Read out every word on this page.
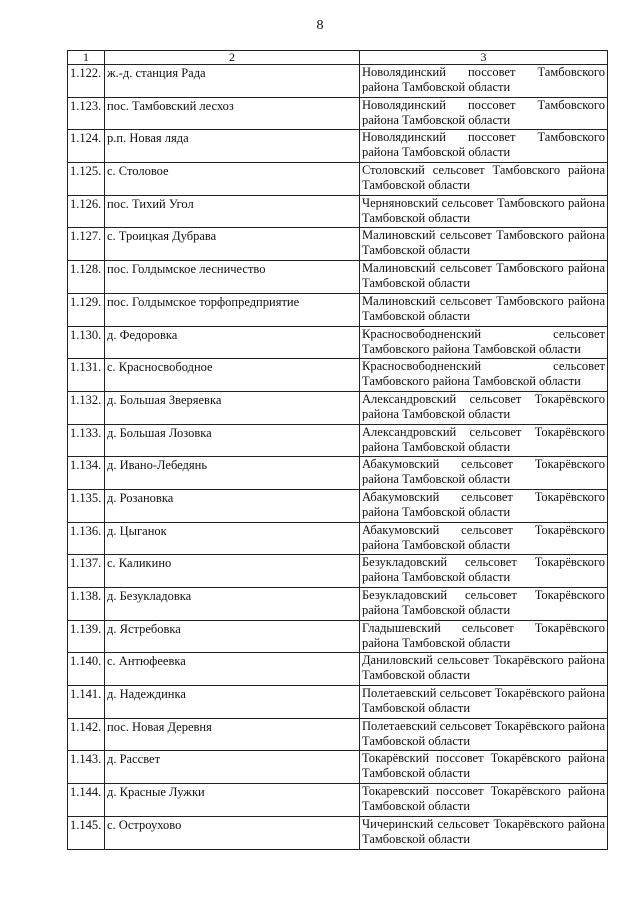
8
1	2	3
1.122.	ж.-д. станция Рада	Новолядинский поссовет Тамбовского района Тамбовской области
1.123.	пос. Тамбовский лесхоз	Новолядинский поссовет Тамбовского района Тамбовской области
1.124.	р.п. Новая ляда	Новолядинский поссовет Тамбовского района Тамбовской области
1.125.	с. Столовое	Столовский сельсовет Тамбовского района Тамбовской области
1.126.	пос. Тихий Угол	Черняновский сельсовет Тамбовского района Тамбовской области
1.127.	с. Троицкая Дубрава	Малиновский сельсовет Тамбовского района Тамбовской области
1.128.	пос. Голдымское лесничество	Малиновский сельсовет Тамбовского района Тамбовской области
1.129.	пос. Голдымское торфопредприятие	Малиновский сельсовет Тамбовского района Тамбовской области
1.130.	д. Федоровка	Красносвободненский сельсовет Тамбовского района Тамбовской области
1.131.	с. Красносвободное	Красносвободненский сельсовет Тамбовского района Тамбовской области
1.132.	д. Большая Зверяевка	Александровский сельсовет Токарёвского района Тамбовской области
1.133.	д. Большая Лозовка	Александровский сельсовет Токарёвского района Тамбовской области
1.134.	д. Ивано-Лебедянь	Абакумовский сельсовет Токарёвского района Тамбовской области
1.135.	д. Розановка	Абакумовский сельсовет Токарёвского района Тамбовской области
1.136.	д. Цыганок	Абакумовский сельсовет Токарёвского района Тамбовской области
1.137.	с. Каликино	Безукладовский сельсовет Токарёвского района Тамбовской области
1.138.	д. Безукладовка	Безукладовский сельсовет Токарёвского района Тамбовской области
1.139.	д. Ястребовка	Гладышевский сельсовет Токарёвского района Тамбовской области
1.140.	с. Антюфеевка	Даниловский сельсовет Токарёвского района Тамбовской области
1.141.	д. Надеждинка	Полетаевский сельсовет Токарёвского района Тамбовской области
1.142.	пос. Новая Деревня	Полетаевский сельсовет Токарёвского района Тамбовской области
1.143.	д. Рассвет	Токарёвский поссовет Токарёвского района Тамбовской области
1.144.	д. Красные Лужки	Токаревский поссовет Токарёвского района Тамбовской области
1.145.	с. Остроухово	Чичеринский сельсовет Токарёвского района Тамбовской области
